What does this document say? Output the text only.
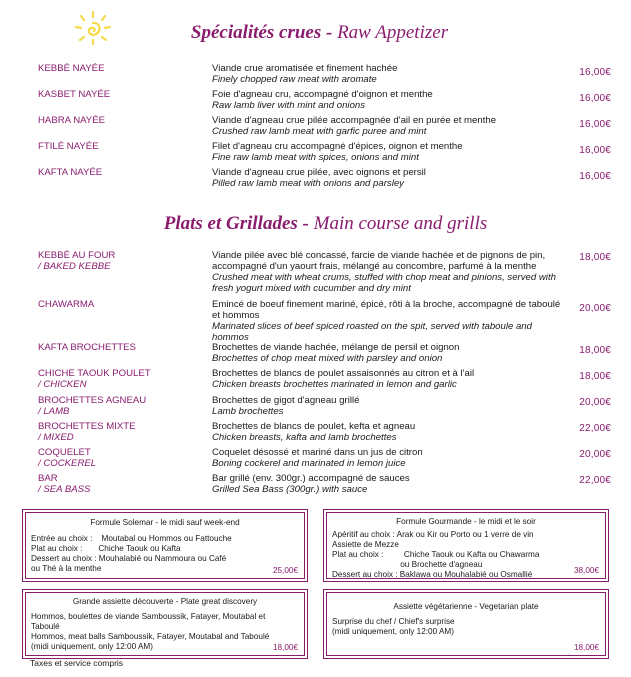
Spécialités crues - Raw Appetizer
KEBBÉ NAYÉE	Viande crue aromatisée et finement hachée
Finely chopped raw meat with aromate
16,00€
KASBET NAYÉE	Foie d'agneau cru, accompagné d'oignon et menthe
Raw lamb liver with mint and onions
16,00€
HABRA NAYÉE	Viande d'agneau crue pilée accompagnée d'ail en purée et menthe
Crushed raw lamb meat with garfic puree and mint
16,00€
FTILÉ NAYÉE	Filet d'agneau cru accompagné d'épices, oignon et menthe
Fine raw lamb meat with spices, onions and mint
16,00€
KAFTA NAYÉE	Viande d'agneau crue pilée, avec oignons et persil
Pilled raw lamb meat with onions and parsley
16,00€
Plats et Grillades - Main course and grills
KEBBÉ AU FOUR
/ BAKED KEBBE
Viande pilée avec blé concassé, farcie de viande hachée et de pignons de pin, accompagné d'un yaourt frais, mélangé au concombre, parfumé à la menthe
Crushed meat with wheat crums, stuffed with chop meat and pinions, served with fresh yogurt mixed with cucumber and dry mint
18,00€
CHAWARMA	Emincé de boeuf finement mariné, épicé, rôti à la broche, accompagné de taboulé et hommos
Marinated slices of beef spiced roasted on the spit, served with taboule and hommos
20,00€
KAFTA BROCHETTES	Brochettes de viande hachée, mélange de persil et oignon
Brochettes of chop meat mixed with parsley and onion
18,00€
CHICHE TAOUK POULET
/ CHICKEN
Brochettes de blancs de poulet assaisonnés au citron et à l'ail
Chicken breasts brochettes marinated in lemon and garlic
18,00€
BROCHETTES AGNEAU
/ LAMB
Brochettes de gigot d'agneau grillé
Lamb brochettes
20,00€
BROCHETTES MIXTE
/ MIXED
Brochettes de blancs de poulet, kefta et agneau
Chicken breasts, kafta and lamb brochettes
22,00€
COQUELET
/ COCKEREL
Coquelet désossé et mariné dans un jus de citron
Boning cockerel and marinated in lemon juice
20,00€
BAR
/ SEA BASS
Bar grillé (env. 300gr.) accompagné de sauces
Grilled Sea Bass (300gr.) with sauce
22,00€
Formule Solemar - le midi sauf week-end
Entrée au choix :    Moutabal ou Hommos ou Fattouche
Plat au choix :       Chiche Taouk ou Kafta
Dessert au choix : Mouhalabié ou Nammoura ou Café
ou Thé à la menthe	25,00€
Formule Gourmande - le midi et le soir
Apéritif au choix : Arak ou Kir ou Porto ou 1 verre de vin
Assiette de Mezze
Plat au choix :         Chiche Taouk ou Kafta ou Chawarma
ou Brochette d'agneau
Dessert au choix : Baklawa ou Mouhalabié ou Osmallié	38,00€
Grande assiette découverte - Plate great discovery
Hommos, boulettes de viande Samboussik, Fatayer, Moutabal et
Taboulé
Hommos, meat balls Samboussik, Fatayer, Moutabal and Taboulé
(midi uniquement, only 12:00 AM)	18,00€
Assiette végétarienne - Vegetarian plate
Surprise du chef / Chief's surprise
(midi uniquement, only 12:00 AM)
18,00€
Taxes et service compris
